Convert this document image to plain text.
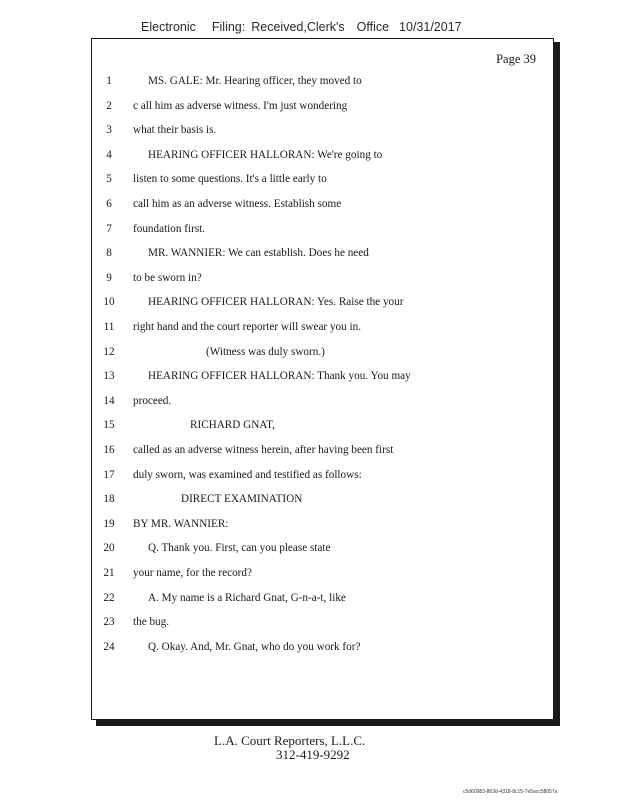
Electronic Filing: Received,Clerk's Office 10/31/2017
Page 39
1	MS. GALE: Mr. Hearing officer, they moved to
2	c all him as adverse witness. I'm just wondering
3	what their basis is.
4	HEARING OFFICER HALLORAN: We're going to
5	listen to some questions. It's a little early to
6	call him as an adverse witness. Establish some
7	foundation first.
8	MR. WANNIER: We can establish. Does he need
9	to be sworn in?
10	HEARING OFFICER HALLORAN: Yes. Raise the your
11 right hand and the court reporter will swear you in.
12	(Witness was duly sworn.)
13	HEARING OFFICER HALLORAN: Thank you. You may
14 proceed.
15	RICHARD GNAT,
16 called as an adverse witness herein, after having been first
17 duly sworn, was examined and testified as follows:
18	DIRECT EXAMINATION
19 BY MR. WANNIER:
20	Q. Thank you. First, can you please state
21 your name, for the record?
22	A. My name is a Richard Gnat, G-n-a-t, like
23 the bug.
24	Q. Okay. And, Mr. Gnat, who do you work for?
L.A. Court Reporters, L.L.C.
312-419-9292
c5d60983-863d-4318-8c15-7e5acc58057a
